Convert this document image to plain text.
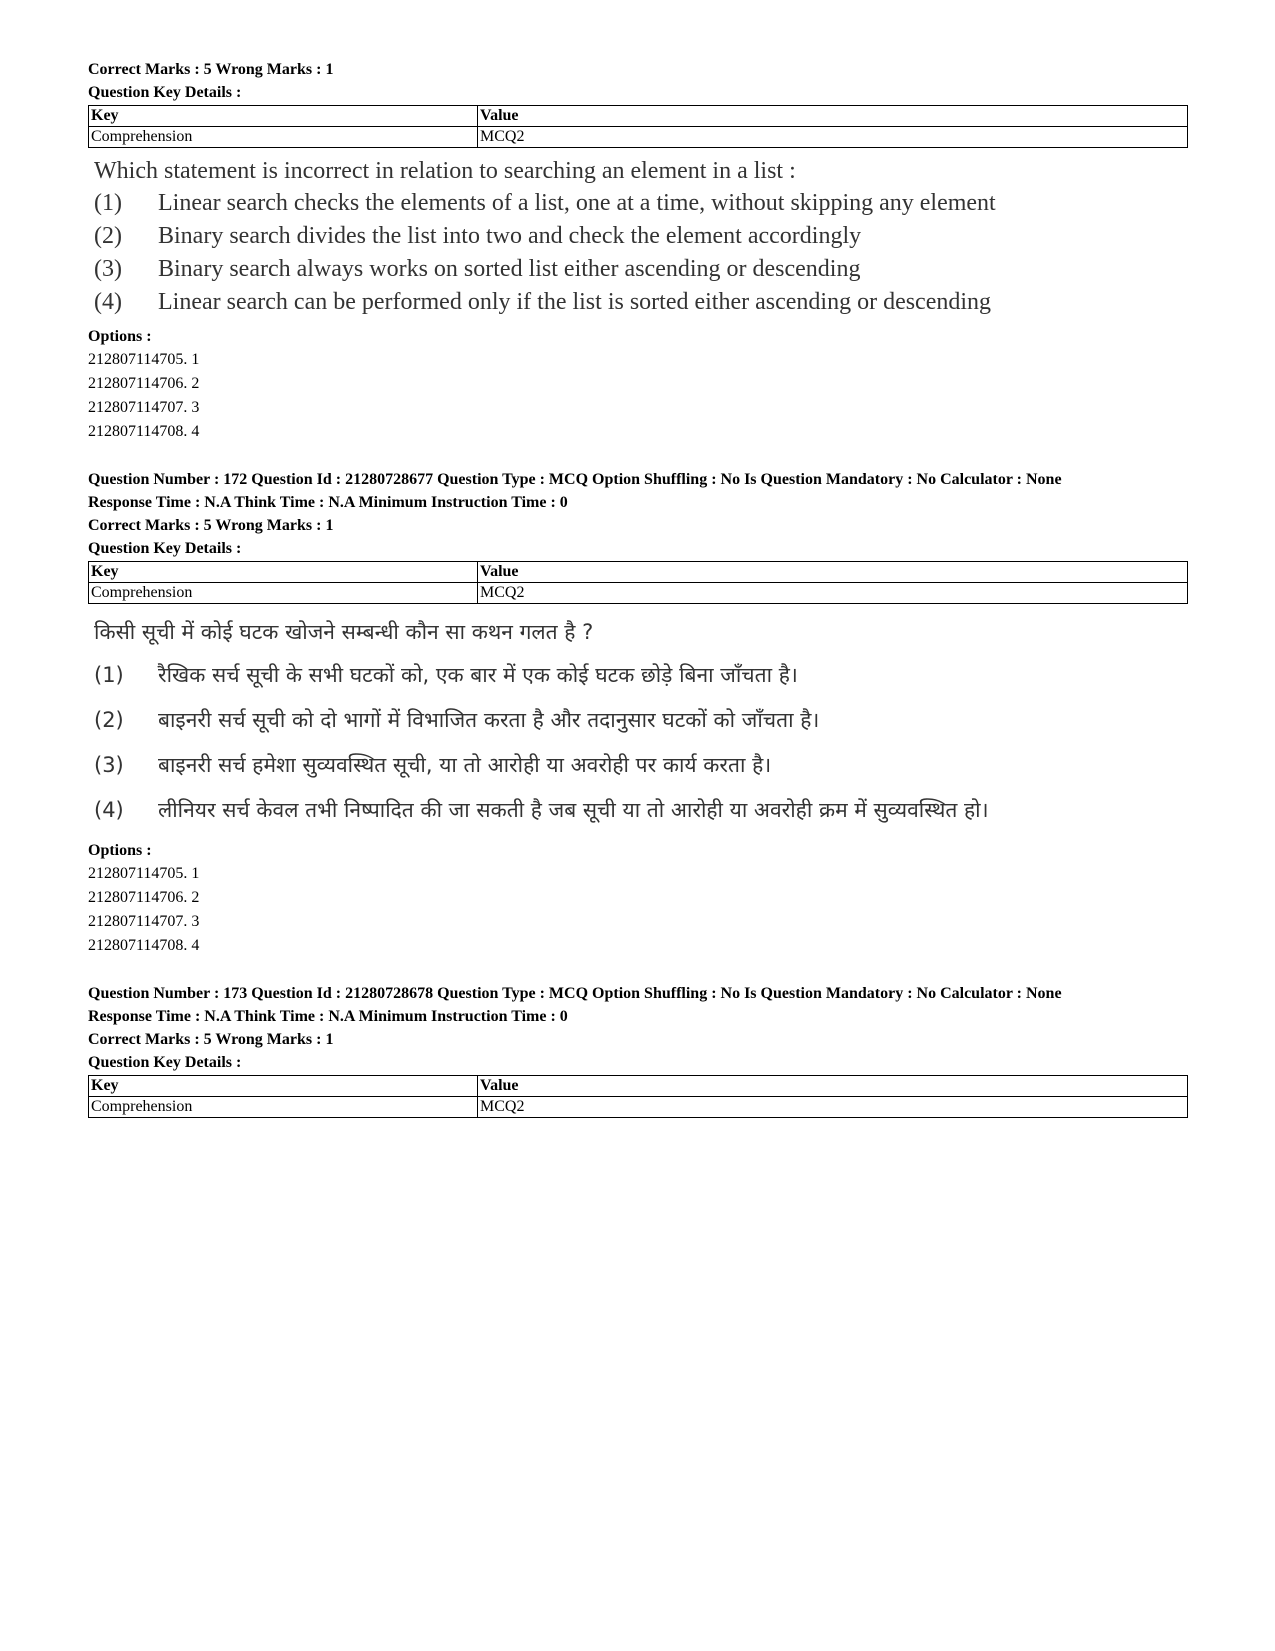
Correct Marks : 5 Wrong Marks : 1
Question Key Details :
Key	Value
Comprehension	MCQ2
Which statement is incorrect in relation to searching an element in a list :
(1)	Linear search checks the elements of a list, one at a time, without skipping any element
(2)	Binary search divides the list into two and check the element accordingly
(3)	Binary search always works on sorted list either ascending or descending
(4)	Linear search can be performed only if the list is sorted either ascending or descending
Options :
212807114705. 1
212807114706. 2
212807114707. 3
212807114708. 4
Question Number : 172 Question Id : 21280728677 Question Type : MCQ Option Shuffling : No Is Question Mandatory : No Calculator : None
Response Time : N.A Think Time : N.A Minimum Instruction Time : 0
Correct Marks : 5 Wrong Marks : 1
Question Key Details :
Key	Value
Comprehension	MCQ2
किसी सूची में कोई घटक खोजने सम्बन्धी कौन सा कथन गलत है ?
(1)	रैखिक सर्च सूची के सभी घटकों को, एक बार में एक कोई घटक छोड़े बिना जाँचता है।
(2)	बाइनरी सर्च सूची को दो भागों में विभाजित करता है और तदानुसार घटकों को जाँचता है।
(3)	बाइनरी सर्च हमेशा सुव्यवस्थित सूची, या तो आरोही या अवरोही पर कार्य करता है।
(4)	लीनियर सर्च केवल तभी निष्पादित की जा सकती है जब सूची या तो आरोही या अवरोही क्रम में सुव्यवस्थित हो।
Options :
212807114705. 1
212807114706. 2
212807114707. 3
212807114708. 4
Question Number : 173 Question Id : 21280728678 Question Type : MCQ Option Shuffling : No Is Question Mandatory : No Calculator : None
Response Time : N.A Think Time : N.A Minimum Instruction Time : 0
Correct Marks : 5 Wrong Marks : 1
Question Key Details :
Key	Value
Comprehension	MCQ2
